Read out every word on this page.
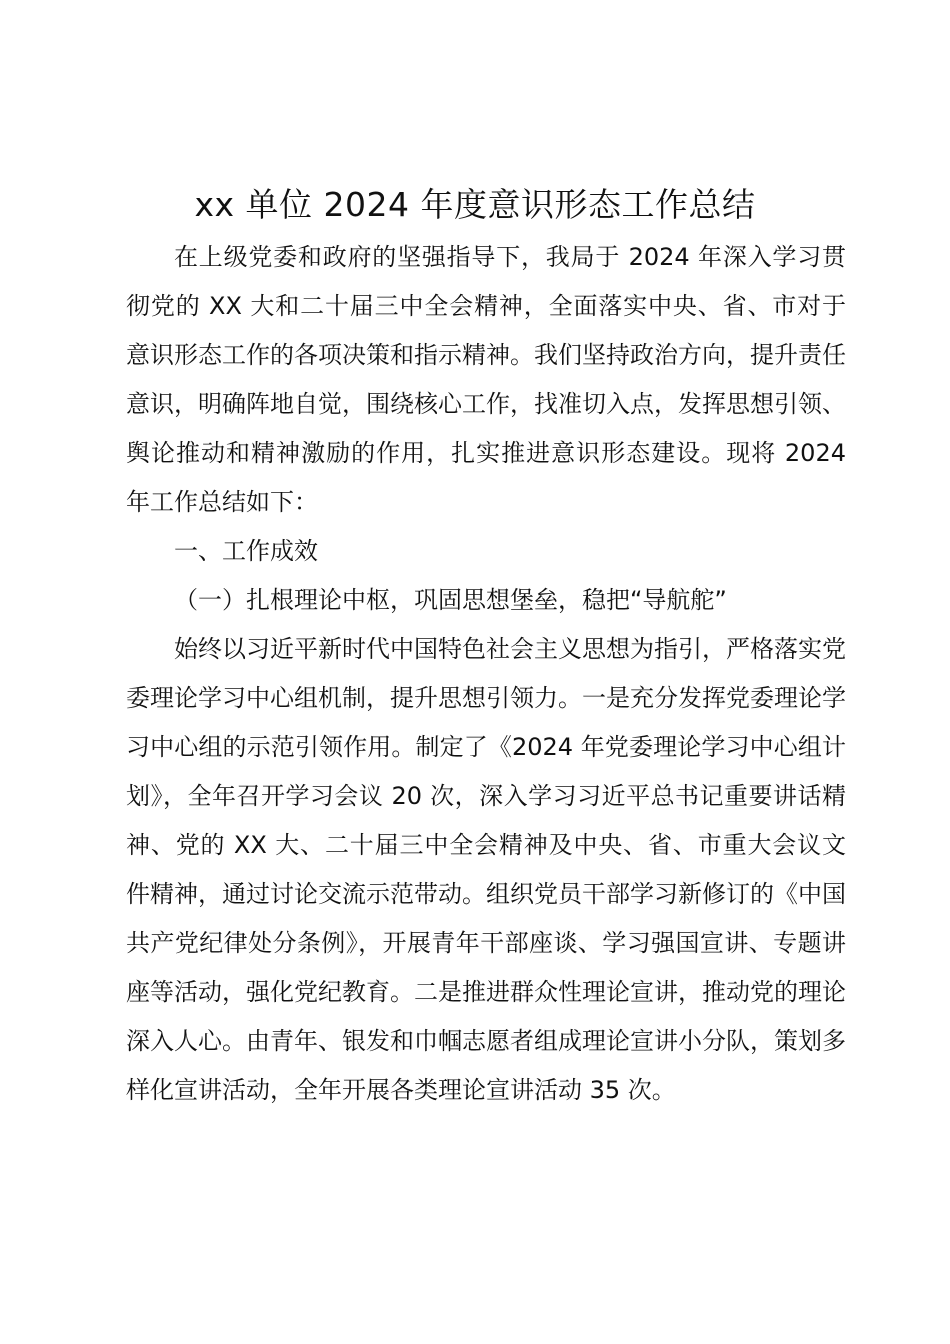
xx 单位 2024 年度意识形态工作总结

在上级党委和政府的坚强指导下，我局于 2024 年深入学习贯彻党的 XX 大和二十届三中全会精神，全面落实中央、省、市对于意识形态工作的各项决策和指示精神。我们坚持政治方向，提升责任意识，明确阵地自觉，围绕核心工作，找准切入点，发挥思想引领、舆论推动和精神激励的作用，扎实推进意识形态建设。现将 2024 年工作总结如下：

一、工作成效

（一）扎根理论中枢，巩固思想堡垒，稳把“导航舵”

始终以习近平新时代中国特色社会主义思想为指引，严格落实党委理论学习中心组机制，提升思想引领力。一是充分发挥党委理论学习中心组的示范引领作用。制定了《2024 年党委理论学习中心组计划》，全年召开学习会议 20 次，深入学习习近平总书记重要讲话精神、党的 XX 大、二十届三中全会精神及中央、省、市重大会议文件精神，通过讨论交流示范带动。组织党员干部学习新修订的《中国共产党纪律处分条例》，开展青年干部座谈、学习强国宣讲、专题讲座等活动，强化党纪教育。二是推进群众性理论宣讲，推动党的理论深入人心。由青年、银发和巾帼志愿者组成理论宣讲小分队，策划多样化宣讲活动，全年开展各类理论宣讲活动 35 次。
